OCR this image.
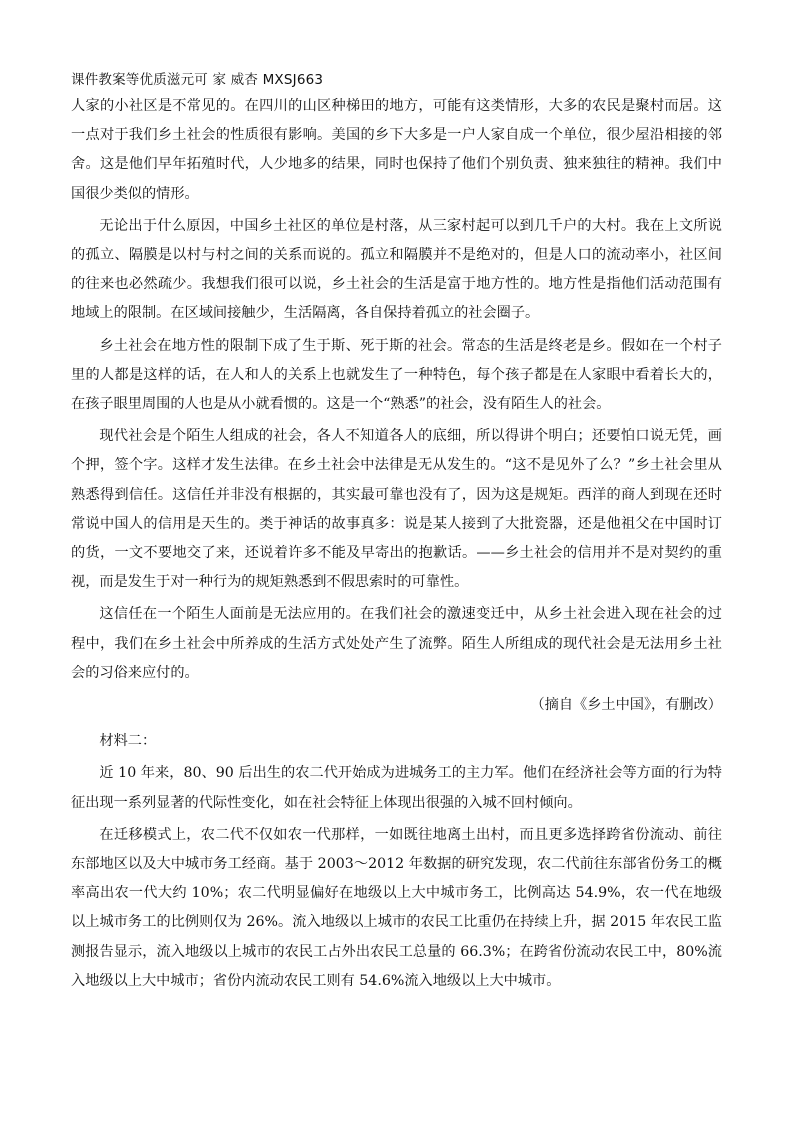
课件教案等优质滋元可 家 威杏 MXSJ663

人家的小社区是不常见的。在四川的山区种梯田的地方，可能有这类情形，大多的农民是聚村而居。这一点对于我们乡土社会的性质很有影响。美国的乡下大多是一户人家自成一个单位，很少屋沿相接的邻舍。这是他们早年拓殖时代，人少地多的结果，同时也保持了他们个别负责、独来独往的精神。我们中国很少类似的情形。

无论出于什么原因，中国乡土社区的单位是村落，从三家村起可以到几千户的大村。我在上文所说的孤立、隔膜是以村与村之间的关系而说的。孤立和隔膜并不是绝对的，但是人口的流动率小，社区间的往来也必然疏少。我想我们很可以说，乡土社会的生活是富于地方性的。地方性是指他们活动范围有地域上的限制。在区域间接触少，生活隔离，各自保持着孤立的社会圈子。

乡土社会在地方性的限制下成了生于斯、死于斯的社会。常态的生活是终老是乡。假如在一个村子里的人都是这样的话，在人和人的关系上也就发生了一种特色，每个孩子都是在人家眼中看着长大的，在孩子眼里周围的人也是从小就看惯的。这是一个“熟悉”的社会，没有陌生人的社会。

现代社会是个陌生人组成的社会，各人不知道各人的底细，所以得讲个明白；还要怕口说无凭，画个押，签个字。这样才发生法律。在乡土社会中法律是无从发生的。“这不是见外了么？”乡土社会里从熟悉得到信任。这信任并非没有根据的，其实最可靠也没有了，因为这是规矩。西洋的商人到现在还时常说中国人的信用是天生的。类于神话的故事真多：说是某人接到了大批瓷器，还是他祖父在中国时订的货，一文不要地交了来，还说着许多不能及早寄出的抱歉话。——乡土社会的信用并不是对契约的重视，而是发生于对一种行为的规矩熟悉到不假思索时的可靠性。

这信任在一个陌生人面前是无法应用的。在我们社会的激速变迁中，从乡土社会进入现在社会的过程中，我们在乡土社会中所养成的生活方式处处产生了流弊。陌生人所组成的现代社会是无法用乡土社会的习俗来应付的。

（摘自《乡土中国》，有删改）

材料二：

近 10 年来，80、90 后出生的农二代开始成为进城务工的主力军。他们在经济社会等方面的行为特征出现一系列显著的代际性变化，如在社会特征上体现出很强的入城不回村倾向。

在迁移模式上，农二代不仅如农一代那样，一如既往地离土出村，而且更多选择跨省份流动、前往东部地区以及大中城市务工经商。基于 2003～2012 年数据的研究发现，农二代前往东部省份务工的概率高出农一代大约 10%；农二代明显偏好在地级以上大中城市务工，比例高达 54.9%，农一代在地级以上城市务工的比例则仅为 26%。流入地级以上城市的农民工比重仍在持续上升，据 2015 年农民工监测报告显示，流入地级以上城市的农民工占外出农民工总量的 66.3%；在跨省份流动农民工中，80%流入地级以上大中城市；省份内流动农民工则有 54.6%流入地级以上大中城市。
